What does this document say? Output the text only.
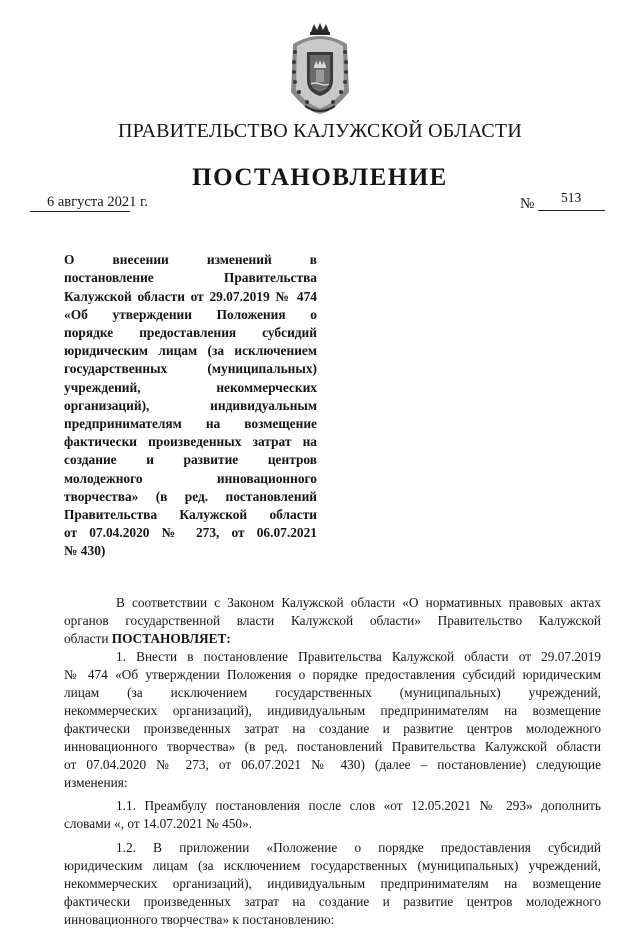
ПРАВИТЕЛЬСТВО КАЛУЖСКОЙ ОБЛАСТИ
ПОСТАНОВЛЕНИЕ
6 августа 2021 г.	№ 513
О внесении изменений в
постановление Правительства
Калужской области от 29.07.2019 № 474
«Об утверждении Положения о
порядке предоставления субсидий
юридическим лицам (за исключением
государственных (муниципальных)
учреждений, некоммерческих
организаций), индивидуальным
предпринимателям на возмещение
фактически произведенных затрат на
создание и развитие центров
молодежного инновационного
творчества» (в ред. постановлений
Правительства Калужской области
от 07.04.2020 № 273, от 06.07.2021
№ 430)
В соответствии с Законом Калужской области «О нормативных правовых актах
органов государственной власти Калужской области» Правительство Калужской
области ПОСТАНОВЛЯЕТ:
1. Внести в постановление Правительства Калужской области от 29.07.2019
№ 474 «Об утверждении Положения о порядке предоставления субсидий юридическим
лицам (за исключением государственных (муниципальных) учреждений,
некоммерческих организаций), индивидуальным предпринимателям на возмещение
фактически произведенных затрат на создание и развитие центров молодежного
инновационного творчества» (в ред. постановлений Правительства Калужской области
от 07.04.2020 № 273, от 06.07.2021 № 430) (далее – постановление) следующие
изменения:
1.1. Преамбулу постановления после слов «от 12.05.2021 № 293» дополнить
словами «, от 14.07.2021 № 450».
1.2. В приложении «Положение о порядке предоставления субсидий
юридическим лицам (за исключением государственных (муниципальных) учреждений,
некоммерческих организаций), индивидуальным предпринимателям на возмещение
фактически произведенных затрат на создание и развитие центров молодежного
инновационного творчества» к постановлению:
